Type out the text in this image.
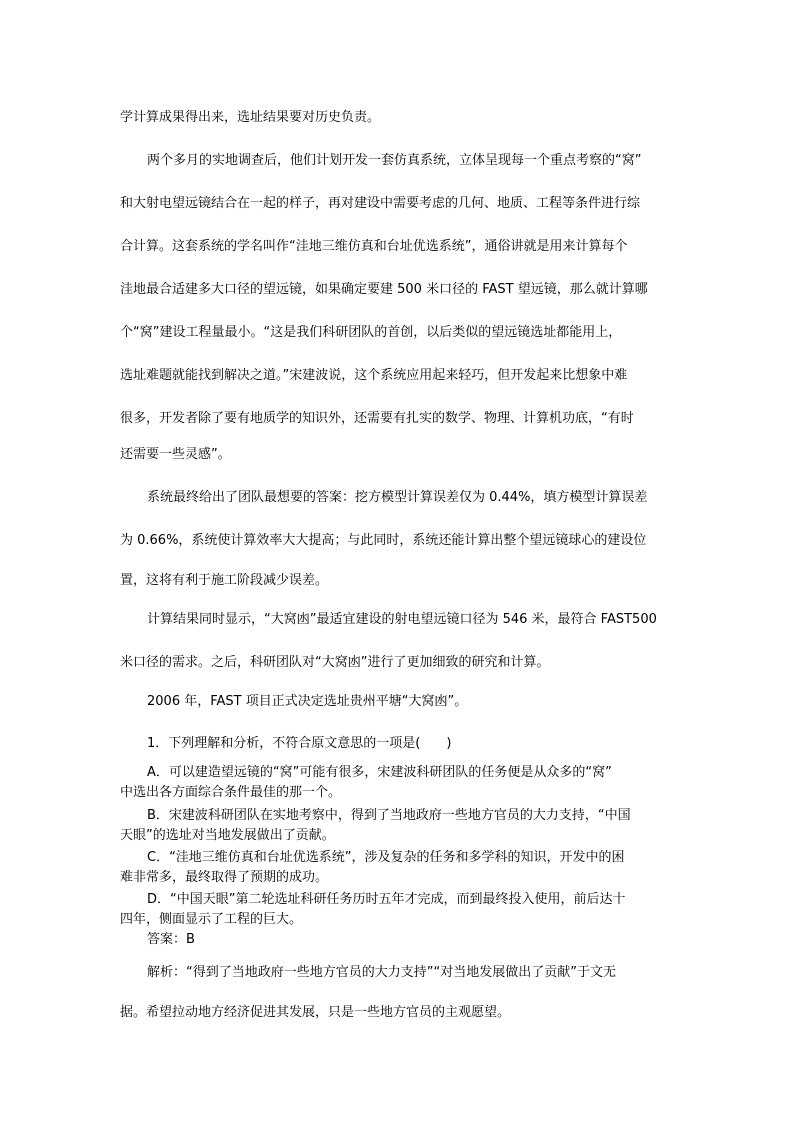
学计算成果得出来，选址结果要对历史负责。

两个多月的实地调查后，他们计划开发一套仿真系统，立体呈现每一个重点考察的“窝”

和大射电望远镜结合在一起的样子，再对建设中需要考虑的几何、地质、工程等条件进行综

合计算。这套系统的学名叫作“洼地三维仿真和台址优选系统”，通俗讲就是用来计算每个

洼地最合适建多大口径的望远镜，如果确定要建 500 米口径的 FAST 望远镜，那么就计算哪

个“窝”建设工程量最小。“这是我们科研团队的首创，以后类似的望远镜选址都能用上，

选址难题就能找到解决之道。”宋建波说，这个系统应用起来轻巧，但开发起来比想象中难

很多，开发者除了要有地质学的知识外，还需要有扎实的数学、物理、计算机功底，“有时

还需要一些灵感”。

系统最终给出了团队最想要的答案：挖方模型计算误差仅为 0.44%，填方模型计算误差

为 0.66%，系统使计算效率大大提高；与此同时，系统还能计算出整个望远镜球心的建设位

置，这将有利于施工阶段减少误差。

计算结果同时显示，“大窝凼”最适宜建设的射电望远镜口径为 546 米，最符合 FAST500

米口径的需求。之后，科研团队对“大窝凼”进行了更加细致的研究和计算。

2006 年，FAST 项目正式决定选址贵州平塘“大窝凼”。

1．下列理解和分析，不符合原文意思的一项是(　　)

A．可以建造望远镜的“窝”可能有很多，宋建波科研团队的任务便是从众多的“窝”

中选出各方面综合条件最佳的那一个。

B．宋建波科研团队在实地考察中，得到了当地政府一些地方官员的大力支持，“中国

天眼”的选址对当地发展做出了贡献。

C．“洼地三维仿真和台址优选系统”，涉及复杂的任务和多学科的知识，开发中的困

难非常多，最终取得了预期的成功。

D．“中国天眼”第二轮选址科研任务历时五年才完成，而到最终投入使用，前后达十

四年，侧面显示了工程的巨大。

答案：B

解析：“得到了当地政府一些地方官员的大力支持”“对当地发展做出了贡献”于文无

据。希望拉动地方经济促进其发展，只是一些地方官员的主观愿望。
